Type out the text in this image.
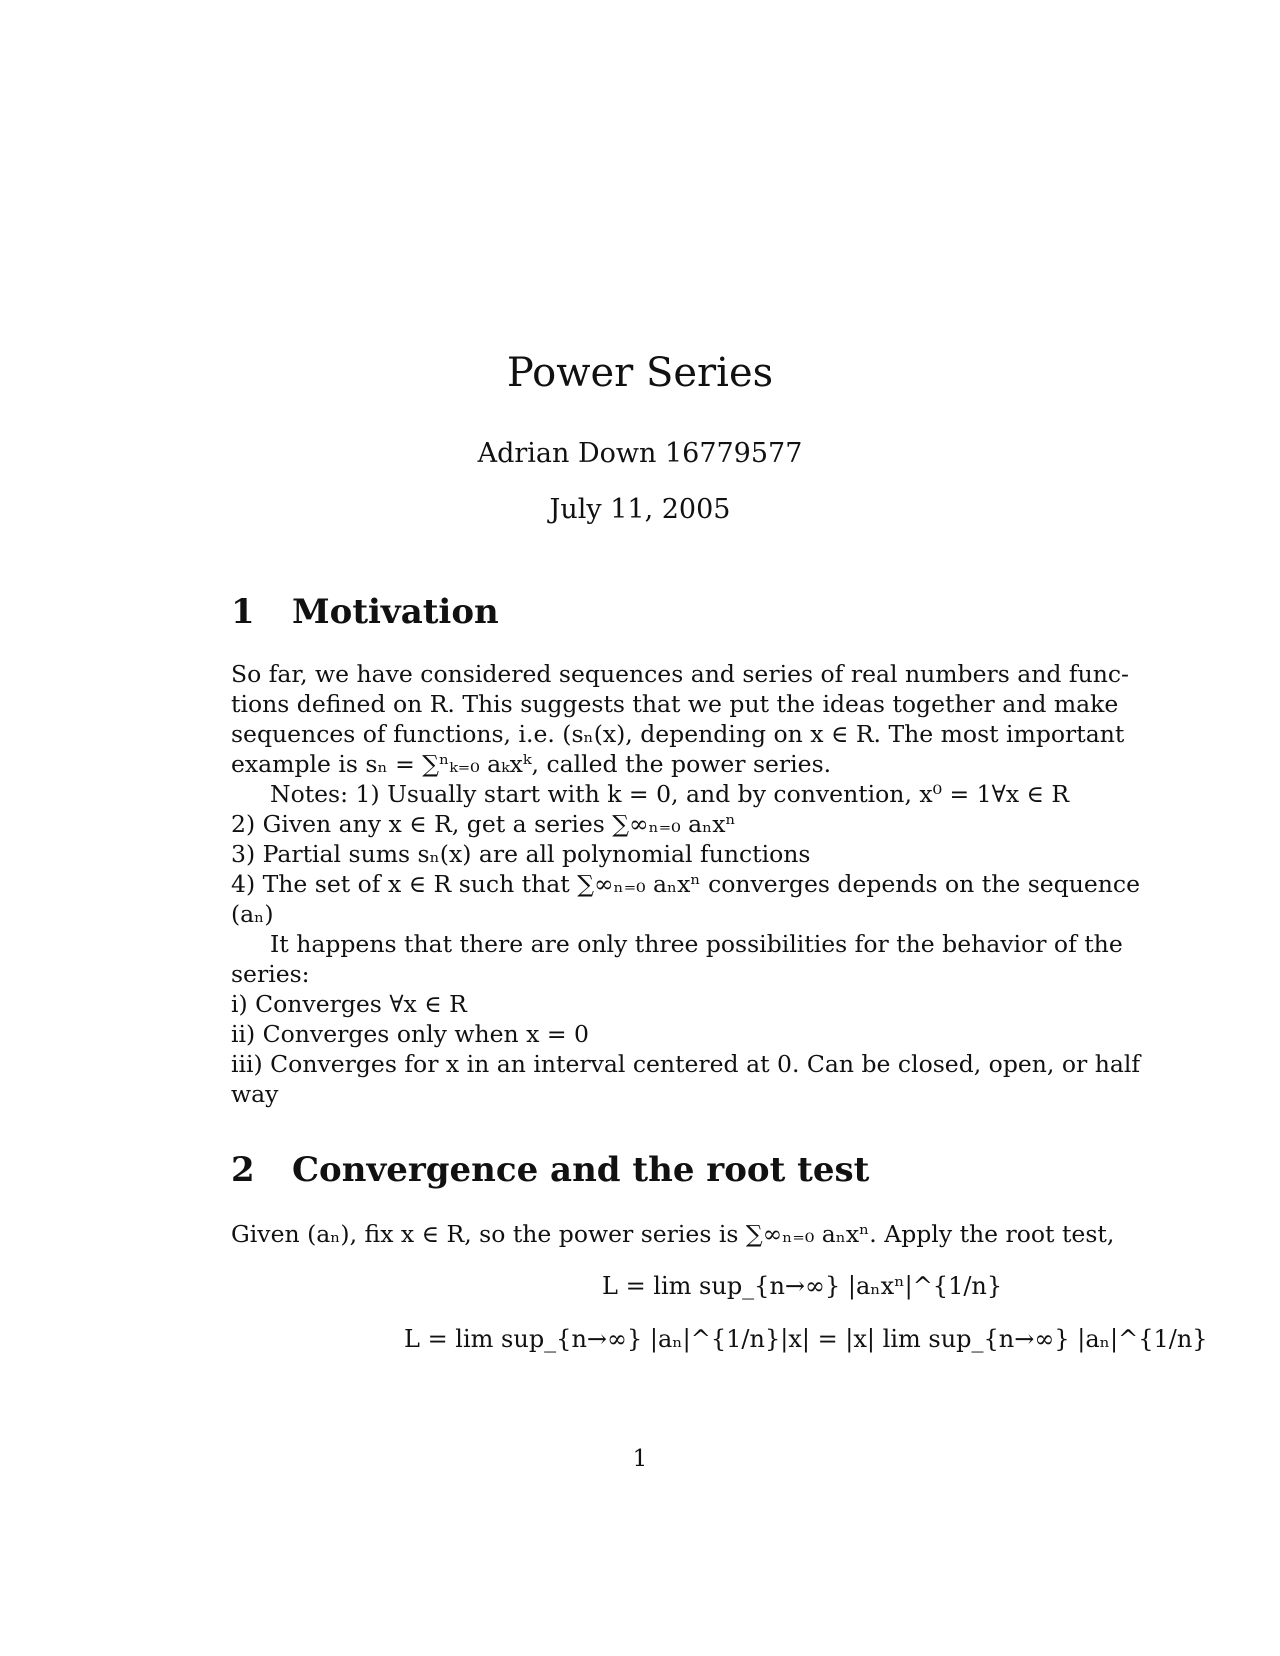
Power Series
Adrian Down 16779577
July 11, 2005
1 Motivation
So far, we have considered sequences and series of real numbers and func-
tions defined on R. This suggests that we put the ideas together and make
sequences of functions, i.e. (sₙ(x), depending on x ∈ R. The most important
example is sₙ = ∑ⁿₖ₌₀ aₖxᵏ, called the power series.
Notes: 1) Usually start with k = 0, and by convention, x⁰ = 1∀x ∈ R
2) Given any x ∈ R, get a series ∑∞ₙ₌₀ aₙxⁿ
3) Partial sums sₙ(x) are all polynomial functions
4) The set of x ∈ R such that ∑∞ₙ₌₀ aₙxⁿ converges depends on the sequence
(aₙ)
It happens that there are only three possibilities for the behavior of the
series:
i) Converges ∀x ∈ R
ii) Converges only when x = 0
iii) Converges for x in an interval centered at 0. Can be closed, open, or half
way
2 Convergence and the root test
Given (aₙ), fix x ∈ R, so the power series is ∑∞ₙ₌₀ aₙxⁿ. Apply the root test,
L = lim sup_{n→∞} |aₙxⁿ|^{1/n}
L = lim sup_{n→∞} |aₙ|^{1/n}|x| = |x| lim sup_{n→∞} |aₙ|^{1/n}
1
